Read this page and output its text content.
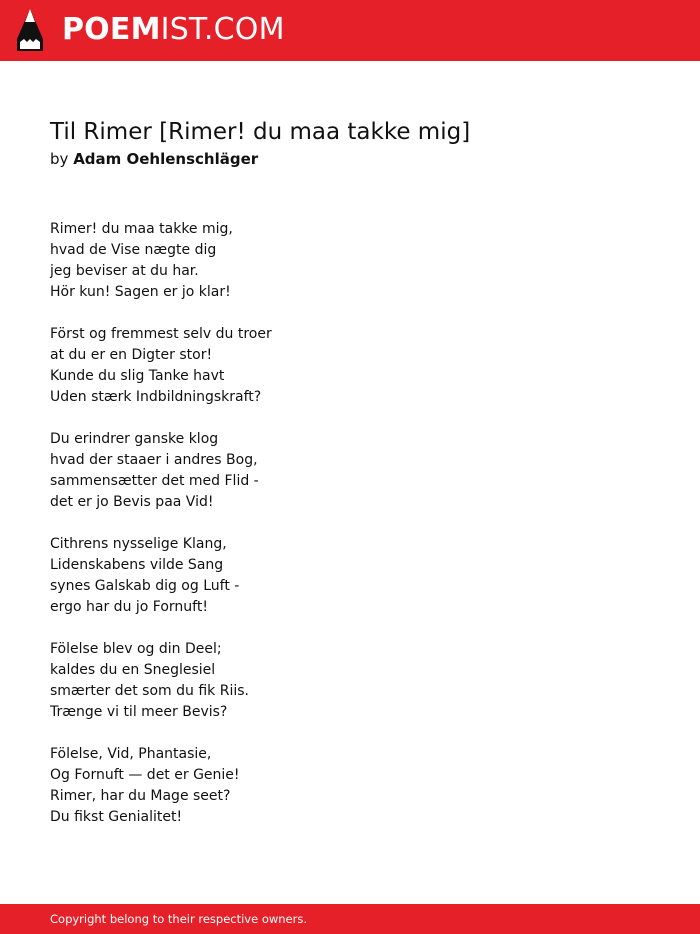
POEMIST.COM
Til Rimer [Rimer! du maa takke mig]
by Adam Oehlenschläger
Rimer! du maa takke mig,
hvad de Vise nægte dig
jeg beviser at du har.
Hör kun! Sagen er jo klar!
Förs​t og fremmest selv du troer
at du er en Digter stor!
Kunde du slig Tanke havt
Uden stærk Indbildningskraft?
Du erindrer ganske klog
hvad der staaer i andres Bog,
sammensætter det med Flid -
det er jo Bevis paa Vid!
Cithrens nysselige Klang,
Lidenskabens vilde Sang
synes Galskab dig og Luft -
ergo har du jo Fornuft!
Fölelse blev og din Deel;
kaldes du en Sneglesiel
smærter det som du fik Riis.
Trænge vi til meer Bevis?
Fölelse, Vid, Phantasie,
Og Fornuft — det er Genie!
Rimer, har du Mage seet?
Du fikst Genialitet!
Copyright belong to their respective owners.
